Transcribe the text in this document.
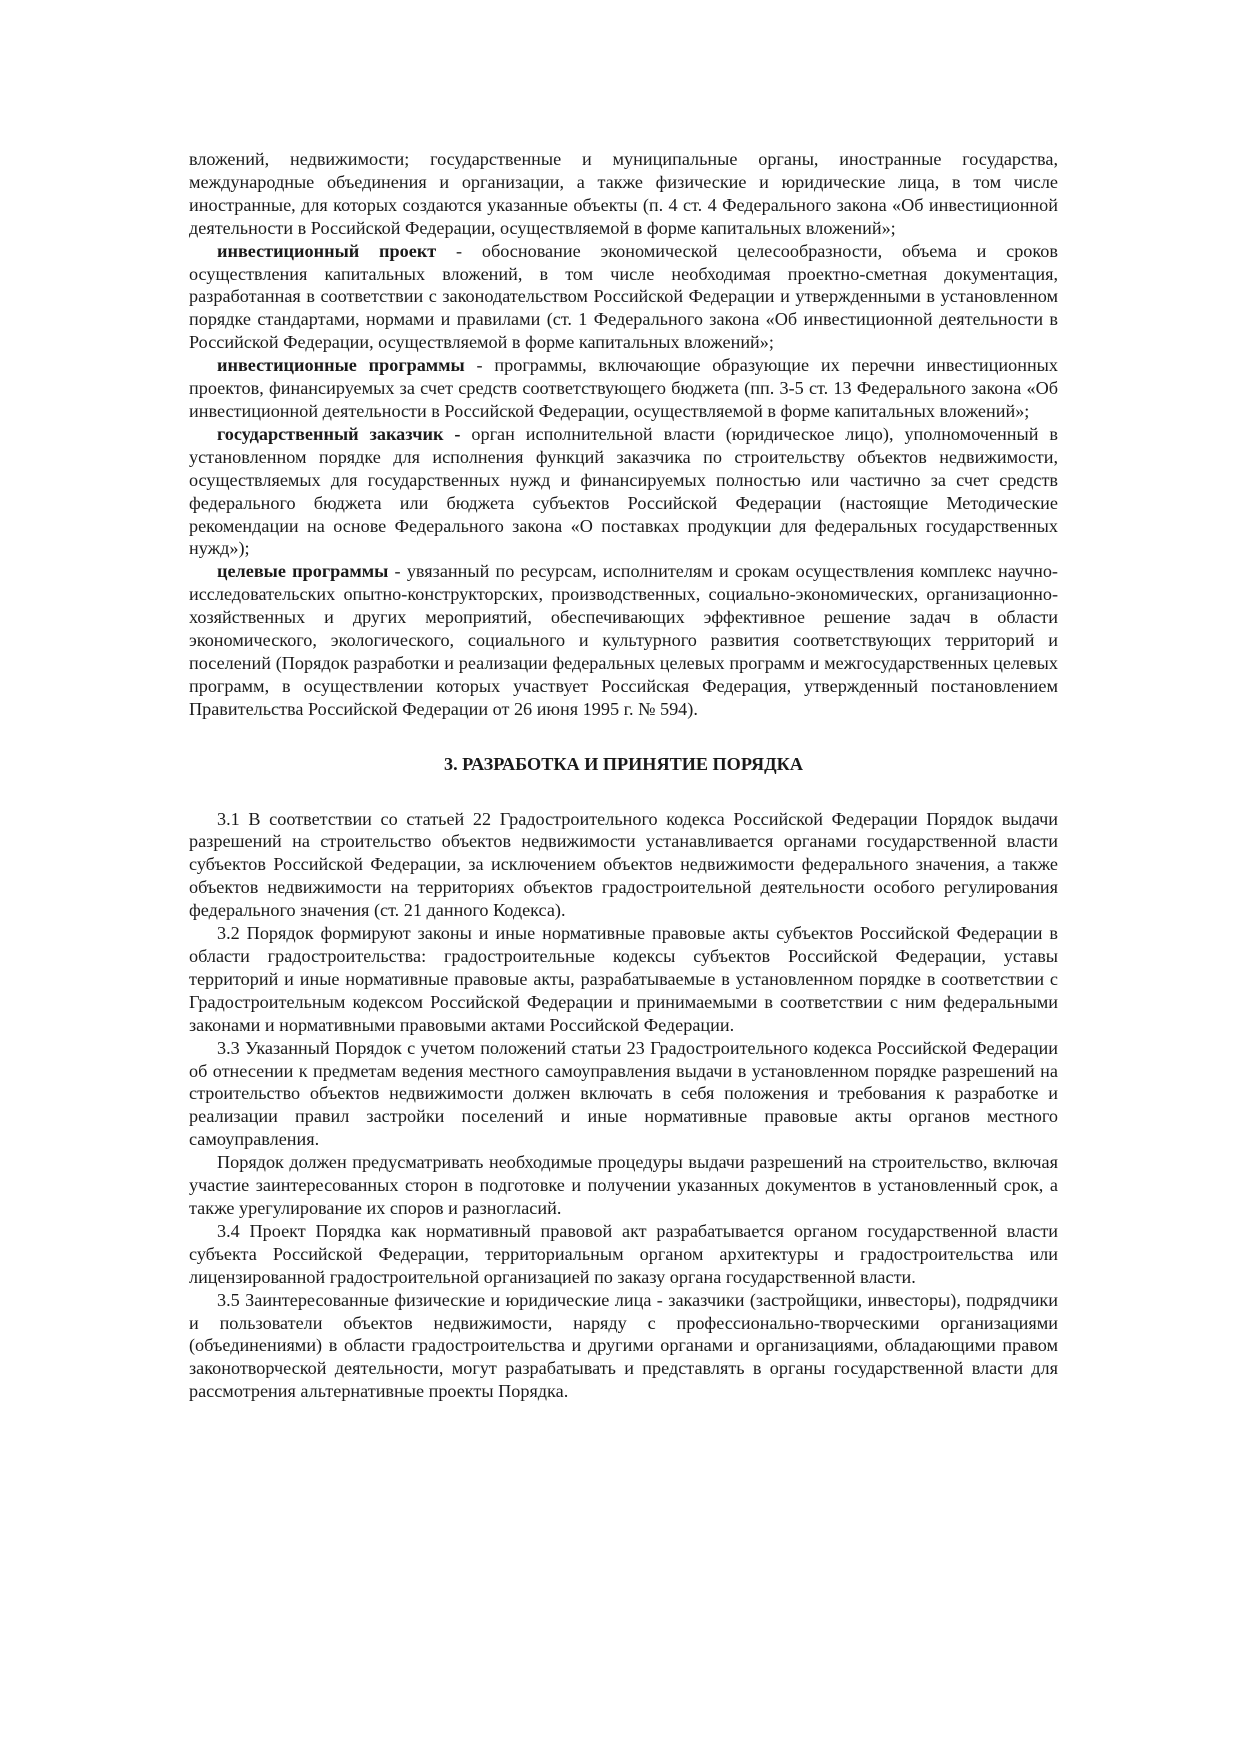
вложений, недвижимости; государственные и муниципальные органы, иностранные государства, международные объединения и организации, а также физические и юридические лица, в том числе иностранные, для которых создаются указанные объекты (п. 4 ст. 4 Федерального закона «Об инвестиционной деятельности в Российской Федерации, осуществляемой в форме капитальных вложений»;

инвестиционный проект - обоснование экономической целесообразности, объема и сроков осуществления капитальных вложений, в том числе необходимая проектно-сметная документация, разработанная в соответствии с законодательством Российской Федерации и утвержденными в установленном порядке стандартами, нормами и правилами (ст. 1 Федерального закона «Об инвестиционной деятельности в Российской Федерации, осуществляемой в форме капитальных вложений»;

инвестиционные программы - программы, включающие образующие их перечни инвестиционных проектов, финансируемых за счет средств соответствующего бюджета (пп. 3-5 ст. 13 Федерального закона «Об инвестиционной деятельности в Российской Федерации, осуществляемой в форме капитальных вложений»;

государственный заказчик - орган исполнительной власти (юридическое лицо), уполномоченный в установленном порядке для исполнения функций заказчика по строительству объектов недвижимости, осуществляемых для государственных нужд и финансируемых полностью или частично за счет средств федерального бюджета или бюджета субъектов Российской Федерации (настоящие Методические рекомендации на основе Федерального закона «О поставках продукции для федеральных государственных нужд»);

целевые программы - увязанный по ресурсам, исполнителям и срокам осуществления комплекс научно-исследовательских опытно-конструкторских, производственных, социально-экономических, организационно-хозяйственных и других мероприятий, обеспечивающих эффективное решение задач в области экономического, экологического, социального и культурного развития соответствующих территорий и поселений (Порядок разработки и реализации федеральных целевых программ и межгосударственных целевых программ, в осуществлении которых участвует Российская Федерация, утвержденный постановлением Правительства Российской Федерации от 26 июня 1995 г. № 594).

3. РАЗРАБОТКА И ПРИНЯТИЕ ПОРЯДКА

3.1 В соответствии со статьей 22 Градостроительного кодекса Российской Федерации Порядок выдачи разрешений на строительство объектов недвижимости устанавливается органами государственной власти субъектов Российской Федерации, за исключением объектов недвижимости федерального значения, а также объектов недвижимости на территориях объектов градостроительной деятельности особого регулирования федерального значения (ст. 21 данного Кодекса).

3.2 Порядок формируют законы и иные нормативные правовые акты субъектов Российской Федерации в области градостроительства: градостроительные кодексы субъектов Российской Федерации, уставы территорий и иные нормативные правовые акты, разрабатываемые в установленном порядке в соответствии с Градостроительным кодексом Российской Федерации и принимаемыми в соответствии с ним федеральными законами и нормативными правовыми актами Российской Федерации.

3.3 Указанный Порядок с учетом положений статьи 23 Градостроительного кодекса Российской Федерации об отнесении к предметам ведения местного самоуправления выдачи в установленном порядке разрешений на строительство объектов недвижимости должен включать в себя положения и требования к разработке и реализации правил застройки поселений и иные нормативные правовые акты органов местного самоуправления.

Порядок должен предусматривать необходимые процедуры выдачи разрешений на строительство, включая участие заинтересованных сторон в подготовке и получении указанных документов в установленный срок, а также урегулирование их споров и разногласий.

3.4 Проект Порядка как нормативный правовой акт разрабатывается органом государственной власти субъекта Российской Федерации, территориальным органом архитектуры и градостроительства или лицензированной градостроительной организацией по заказу органа государственной власти.

3.5 Заинтересованные физические и юридические лица - заказчики (застройщики, инвесторы), подрядчики и пользователи объектов недвижимости, наряду с профессионально-творческими организациями (объединениями) в области градостроительства и другими органами и организациями, обладающими правом законотворческой деятельности, могут разрабатывать и представлять в органы государственной власти для рассмотрения альтернативные проекты Порядка.
